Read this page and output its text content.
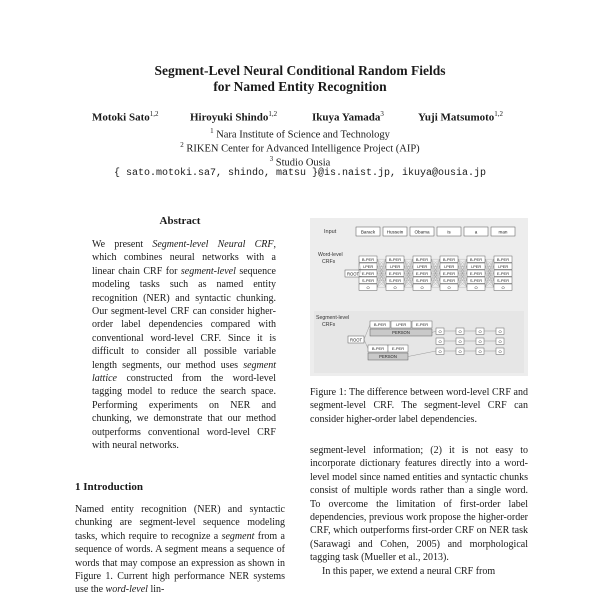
Segment-Level Neural Conditional Random Fields
for Named Entity Recognition
Motoki Sato$^{1,2}$	Hiroyuki Shindo$^{1,2}$	Ikuya Yamada$^3$	Yuji Matsumoto$^{1,2}$
$^1$ Nara Institute of Science and Technology
$^2$ RIKEN Center for Advanced Intelligence Project (AIP)
$^3$ Studio Ousia
{ sato.motoki.sa7, shindo, matsu }@is.naist.jp, ikuya@ousia.jp
Abstract
We present Segment-level Neural CRF, which combines neural networks with a linear chain CRF for segment-level sequence modeling tasks such as named entity recognition (NER) and syntactic chunking. Our segment-level CRF can consider higher-order label dependencies compared with conventional word-level CRF. Since it is difficult to consider all possible variable length segments, our method uses segment lattice constructed from the word-level tagging model to reduce the search space. Performing experiments on NER and chunking, we demonstrate that our method outperforms conventional word-level CRF with neural networks.
1 Introduction
Named entity recognition (NER) and syntactic chunking are segment-level sequence modeling tasks, which require to recognize a segment from a sequence of words. A segment means a sequence of words that may compose an expression as shown in Figure 1. Current high performance NER systems use the word-level lin-
Input	Barack	Hussein Obama	is	a	man
Word-level
CRFs
ROOT
B-PER
I-PER
E-PER
S-PER
O
B-PER
I-PER
E-PER
S-PER
O
B-PER
I-PER
E-PER
S-PER
O
B-PER
I-PER
E-PER
S-PER
O
B-PER
I-PER
E-PER
S-PER
O
B-PER
I-PER
E-PER
S-PER
O
Segment-level
CRFs
ROOT
B-PER I-PER E-PER
PERSON
B-PER E-PER
PERSON
O	O	O	O
O	O	O	O
O	O	O	O
Figure 1: The difference between word-level CRF and segment-level CRF. The segment-level CRF can consider higher-order label dependencies.
segment-level information; (2) it is not easy to incorporate dictionary features directly into a word-level model since named entities and syntactic chunks consist of multiple words rather than a single word. To overcome the limitation of first-order label dependencies, previous work propose the higher-order CRF, which outperforms first-order CRF on NER task (Sarawagi and Cohen, 2005) and morphological tagging task (Mueller et al., 2013).
In this paper, we extend a neural CRF from
